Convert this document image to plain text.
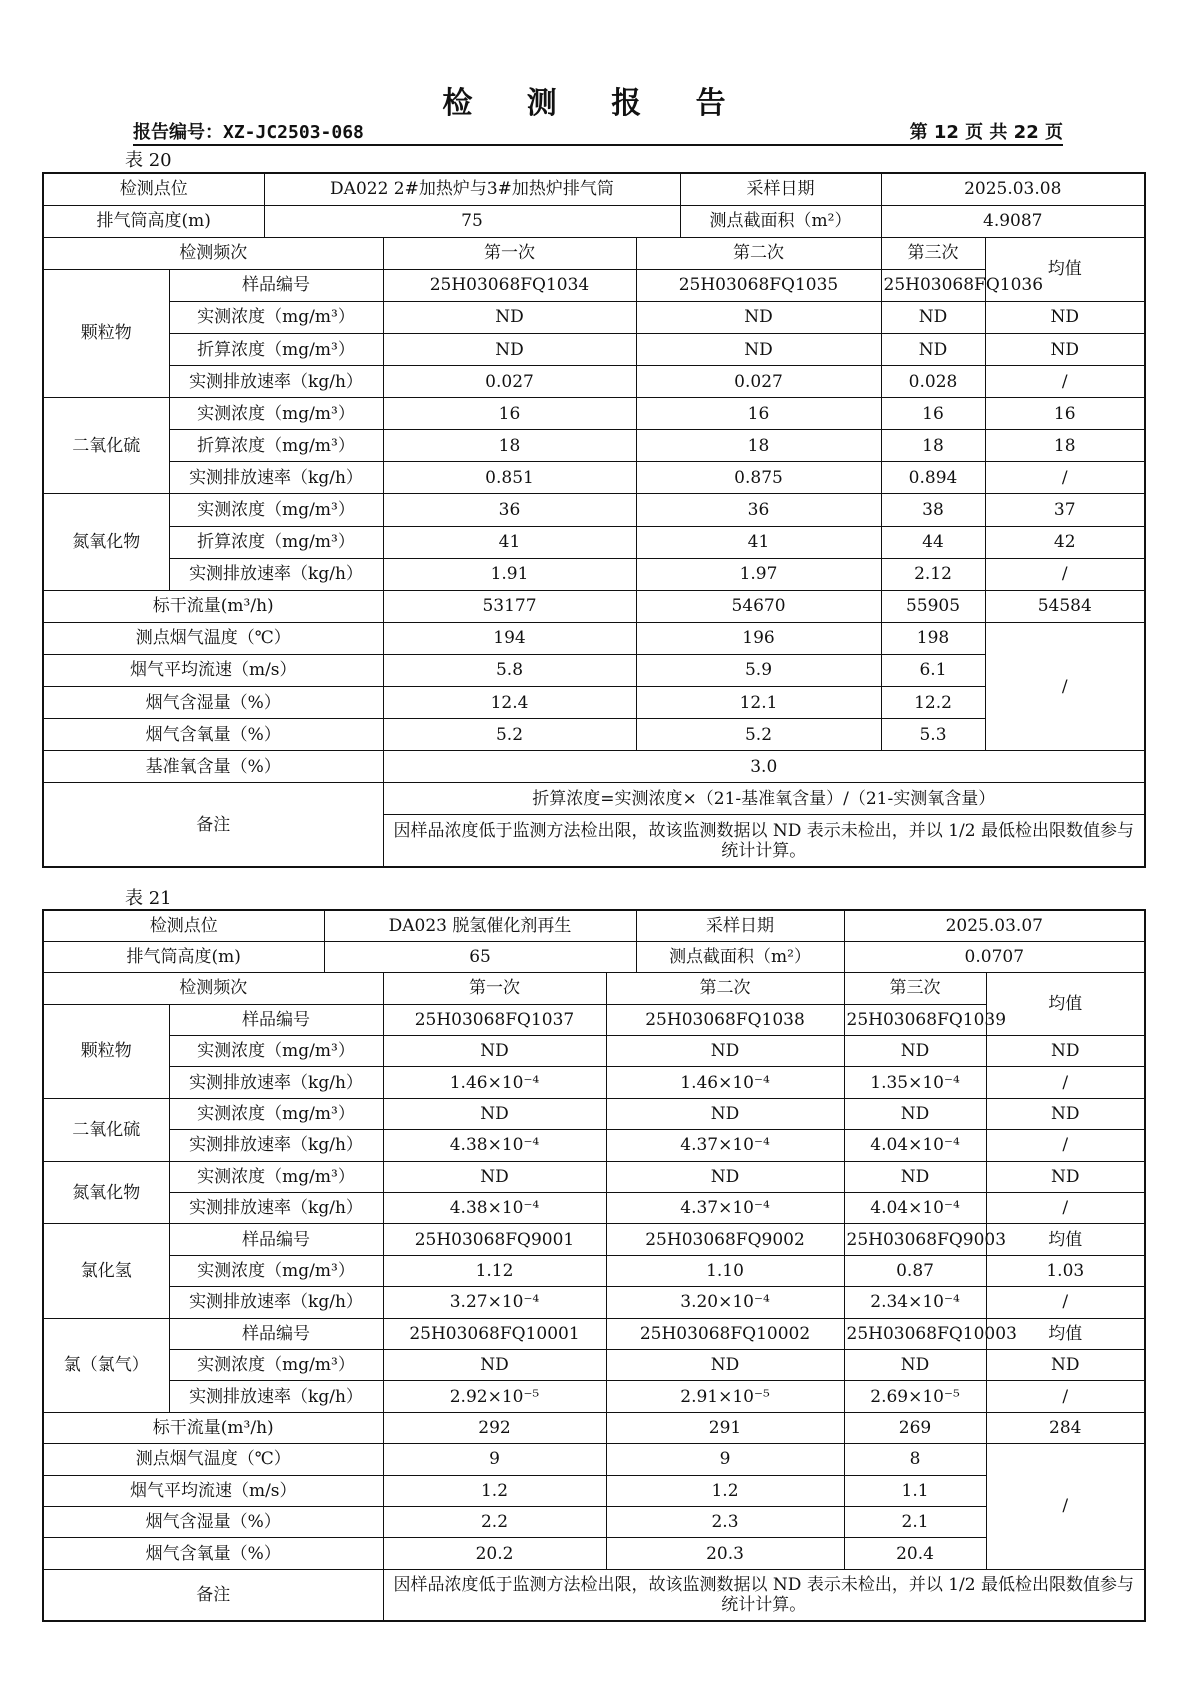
检 测 报 告
报告编号：XZ-JC2503-068	第 12 页 共 22 页
表 20
检测点位		DA022 2#加热炉与3#加热炉排气筒			采样日期	2025.03.08	
排气筒高度(m)		75			测点截面积（m²）	4.9087	
检测频次			第一次	第二次		第三次	均值
颗粒物	样品编号		25H03068FQ1034	25H03068FQ1035		25H03068FQ1036	
	实测浓度（mg/m³）		ND	ND		ND	ND
	折算浓度（mg/m³）		ND	ND		ND	ND
	实测排放速率（kg/h）		0.027	0.027		0.028	/
二氧化硫	实测浓度（mg/m³）		16	16		16	16
	折算浓度（mg/m³）		18	18		18	18
	实测排放速率（kg/h）		0.851	0.875		0.894	/
氮氧化物	实测浓度（mg/m³）		36	36		38	37
	折算浓度（mg/m³）		41	41		44	42
	实测排放速率（kg/h）		1.91	1.97		2.12	/
标干流量(m³/h)			53177	54670		55905	54584
测点烟气温度（℃）			194	196		198	/
烟气平均流速（m/s）			5.8	5.9		6.1	
烟气含湿量（%）			12.4	12.1		12.2	
烟气含氧量（%）			5.2	5.2		5.3	
基准氧含量（%）			3.0				
备注			折算浓度=实测浓度×（21-基准氧含量）/（21-实测氧含量）				
			因样品浓度低于监测方法检出限，故该监测数据以 ND 表示未检出，并以 1/2 最低检出限数值参与统计计算。				
表 21
检测点位		DA023 脱氢催化剂再生			采样日期	2025.03.07	
排气筒高度(m)		65			测点截面积（m²）	0.0707	
检测频次			第一次	第二次		第三次	均值
颗粒物	样品编号		25H03068FQ1037	25H03068FQ1038		25H03068FQ1039	
	实测浓度（mg/m³）		ND	ND		ND	ND
	实测排放速率（kg/h）		1.46×10⁻⁴	1.46×10⁻⁴		1.35×10⁻⁴	/
二氧化硫	实测浓度（mg/m³）		ND	ND		ND	ND
	实测排放速率（kg/h）		4.38×10⁻⁴	4.37×10⁻⁴		4.04×10⁻⁴	/
氮氧化物	实测浓度（mg/m³）		ND	ND		ND	ND
	实测排放速率（kg/h）		4.38×10⁻⁴	4.37×10⁻⁴		4.04×10⁻⁴	/
氯化氢	样品编号		25H03068FQ9001	25H03068FQ9002		25H03068FQ9003	均值
	实测浓度（mg/m³）		1.12	1.10		0.87	1.03
	实测排放速率（kg/h）		3.27×10⁻⁴	3.20×10⁻⁴		2.34×10⁻⁴	/
氯（氯气）	样品编号		25H03068FQ10001	25H03068FQ10002		25H03068FQ10003	均值
	实测浓度（mg/m³）		ND	ND		ND	ND
	实测排放速率（kg/h）		2.92×10⁻⁵	2.91×10⁻⁵		2.69×10⁻⁵	/
标干流量(m³/h)			292	291		269	284
测点烟气温度（℃）			9	9		8	/
烟气平均流速（m/s）			1.2	1.2		1.1	
烟气含湿量（%）			2.2	2.3		2.1	
烟气含氧量（%）			20.2	20.3		20.4	
备注			因样品浓度低于监测方法检出限，故该监测数据以 ND 表示未检出，并以 1/2 最低检出限数值参与统计计算。				
